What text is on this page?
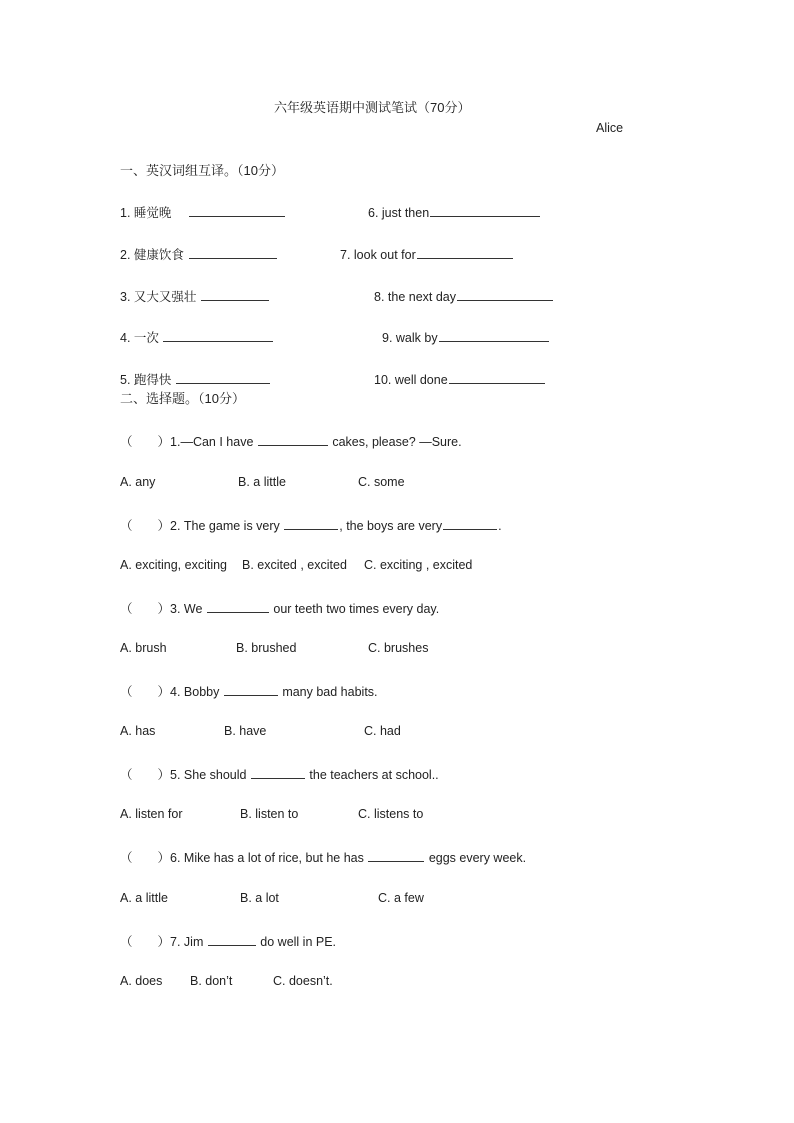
六年级英语期中测试笔试（70分）
Alice
一、英汉词组互译。（10分）
1. 睡觉晚
2. 健康饮食
3. 又大又强壮
4. 一次
5. 跑得快
6. just then
7. look out for
8. the next day
9. walk by
10. well done
二、选择题。（10分）
（　　）1.—Can I have	cakes, please? —Sure.
A. any	B. a little	C. some
（　　）2. The game is very	, the boys are very	.
A. exciting, exciting B. excited , excited C. exciting , excited
（　　）3. We	our teeth two times every day.
A. brush	B. brushed	C. brushes
（　　）4. Bobby	many bad habits.
A. has	B. have	C. had
（　　）5. She should	the teachers at school..
A. listen for	B. listen to	C. listens to
（　　）6. Mike has a lot of rice, but he has	eggs every week.
A. a little	B. a lot	C. a few
（　　）7. Jim	do well in PE.
A. does B. don’t	C. doesn’t.
